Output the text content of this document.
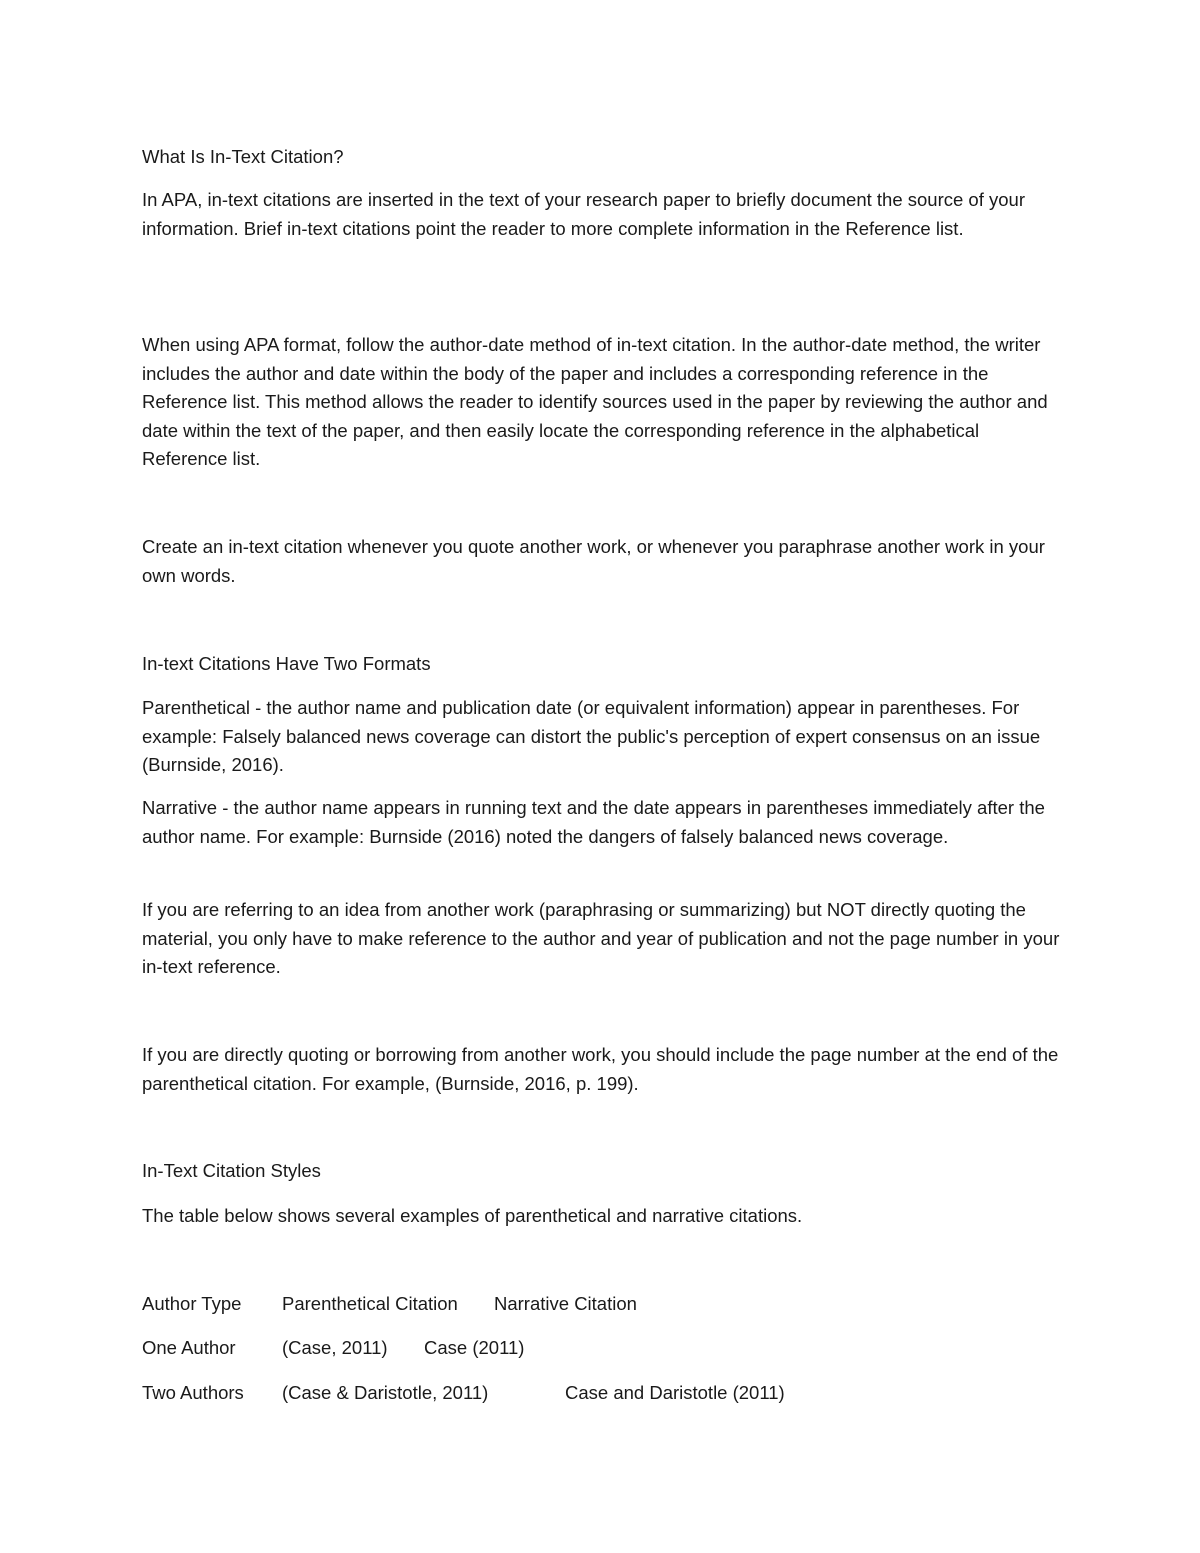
What Is In-Text Citation?
In APA, in-text citations are inserted in the text of your research paper to briefly document the source of your information. Brief in-text citations point the reader to more complete information in the Reference list.
When using APA format, follow the author-date method of in-text citation. In the author-date method, the writer includes the author and date within the body of the paper and includes a corresponding reference in the Reference list. This method allows the reader to identify sources used in the paper by reviewing the author and date within the text of the paper, and then easily locate the corresponding reference in the alphabetical Reference list.
Create an in-text citation whenever you quote another work, or whenever you paraphrase another work in your own words.
In-text Citations Have Two Formats
Parenthetical - the author name and publication date (or equivalent information) appear in parentheses. For example: Falsely balanced news coverage can distort the public's perception of expert consensus on an issue (Burnside, 2016).
Narrative - the author name appears in running text and the date appears in parentheses immediately after the author name. For example: Burnside (2016) noted the dangers of falsely balanced news coverage.
If you are referring to an idea from another work (paraphrasing or summarizing) but NOT directly quoting the material, you only have to make reference to the author and year of publication and not the page number in your in-text reference.
If you are directly quoting or borrowing from another work, you should include the page number at the end of the parenthetical citation. For example, (Burnside, 2016, p. 199).
In-Text Citation Styles
The table below shows several examples of parenthetical and narrative citations.
Author Type Parenthetical Citation Narrative Citation
One Author	(Case, 2011) Case (2011)
Two Authors (Case & Daristotle, 2011)	Case and Daristotle (2011)
